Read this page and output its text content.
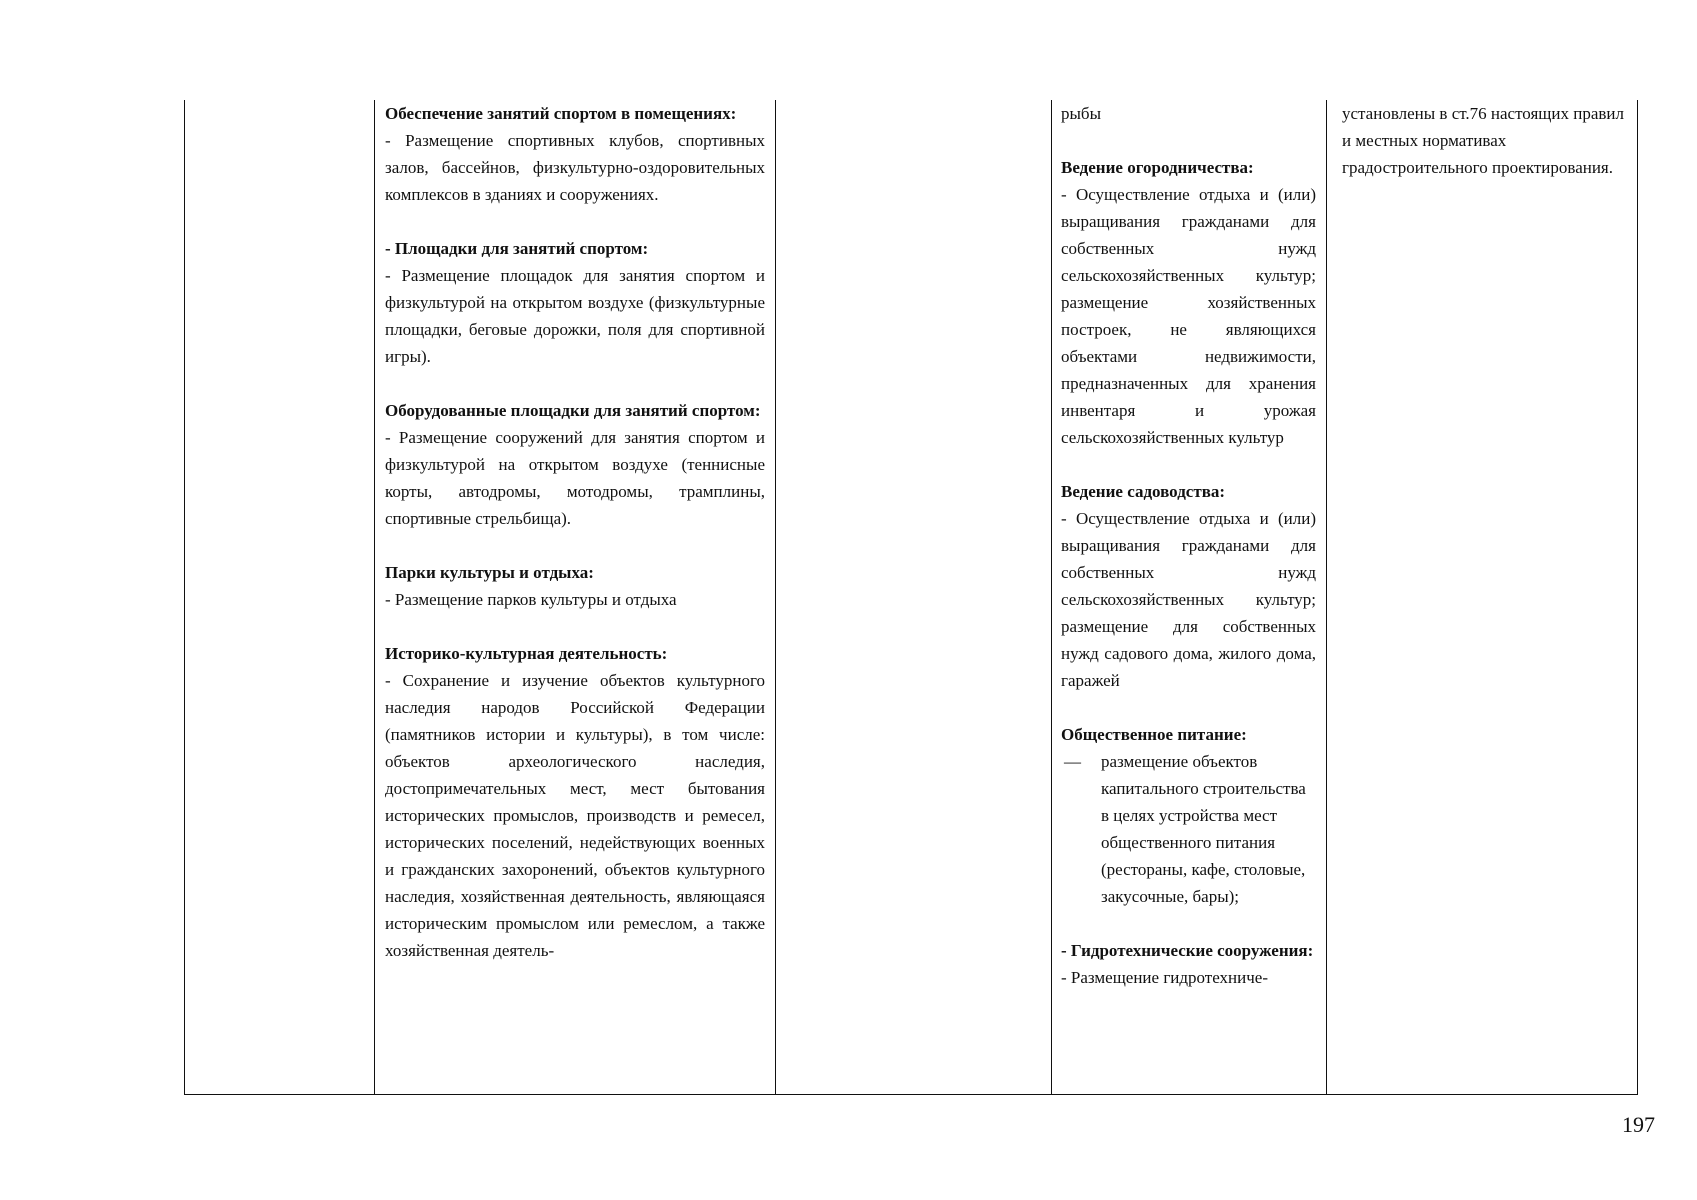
Обеспечение занятий спортом в помещениях:
- Размещение спортивных клубов, спортивных залов, бассейнов, физкультурно-оздоровительных комплексов в зданиях и сооружениях.
- Площадки для занятий спортом:
- Размещение площадок для занятия спортом и физкультурой на открытом воздухе (физкультурные площадки, беговые дорожки, поля для спортивной игры).
Оборудованные площадки для занятий спортом:
- Размещение сооружений для занятия спортом и физкультурой на открытом воздухе (теннисные корты, автодромы, мотодромы, трамплины, спортивные стрельбища).
Парки культуры и отдыха:
- Размещение парков культуры и отдыха
Историко-культурная деятельность:
- Сохранение и изучение объектов культурного наследия народов Российской Федерации (памятников истории и культуры), в том числе: объектов археологического наследия, достопримечательных мест, мест бытования исторических промыслов, производств и ремесел, исторических поселений, недействующих военных и гражданских захоронений, объектов культурного наследия, хозяйственная деятельность, являющаяся историческим промыслом или ремеслом, а также хозяйственная деятель-
рыбы
Ведение огородничества:
- Осуществление отдыха и (или) выращивания гражданами для собственных нужд сельскохозяйственных культур; размещение хозяйственных построек, не являющихся объектами недвижимости, предназначенных для хранения инвентаря и урожая сельскохозяйственных культур
Ведение садоводства:
- Осуществление отдыха и (или) выращивания гражданами для собственных нужд сельскохозяйственных культур; размещение для собственных нужд садового дома, жилого дома, гаражей
Общественное питание:
— размещение объектов капитального строительства в целях устройства мест общественного питания (рестораны, кафе, столовые, закусочные, бары);
- Гидротехнические сооружения:
- Размещение гидротехниче-
установлены в ст.76 настоящих правил и местных нормативах градостроительного проектирования.
197
